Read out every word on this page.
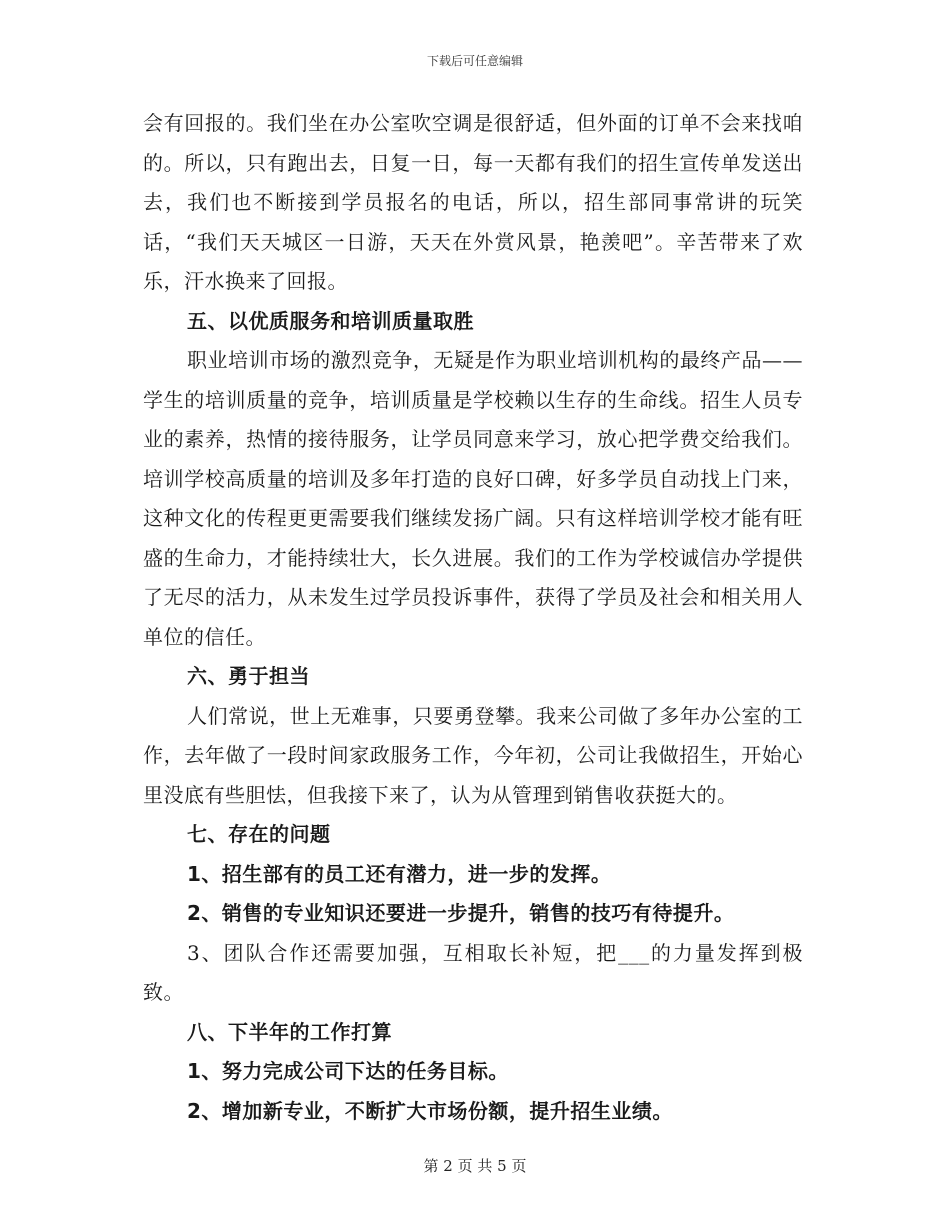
下载后可任意编辑

会有回报的。我们坐在办公室吹空调是很舒适，但外面的订单不会来找咱的。所以，只有跑出去，日复一日，每一天都有我们的招生宣传单发送出去，我们也不断接到学员报名的电话，所以，招生部同事常讲的玩笑话，“我们天天城区一日游，天天在外赏风景，艳羡吧”。辛苦带来了欢乐，汗水换来了回报。

五、以优质服务和培训质量取胜

职业培训市场的激烈竞争，无疑是作为职业培训机构的最终产品——学生的培训质量的竞争，培训质量是学校赖以生存的生命线。招生人员专业的素养，热情的接待服务，让学员同意来学习，放心把学费交给我们。培训学校高质量的培训及多年打造的良好口碑，好多学员自动找上门来，这种文化的传程更更需要我们继续发扬广阔。只有这样培训学校才能有旺盛的生命力，才能持续壮大，长久进展。我们的工作为学校诚信办学提供了无尽的活力，从未发生过学员投诉事件，获得了学员及社会和相关用人单位的信任。

六、勇于担当

人们常说，世上无难事，只要勇登攀。我来公司做了多年办公室的工作，去年做了一段时间家政服务工作，今年初，公司让我做招生，开始心里没底有些胆怯，但我接下来了，认为从管理到销售收获挺大的。

七、存在的问题

1、招生部有的员工还有潜力，进一步的发挥。

2、销售的专业知识还要进一步提升，销售的技巧有待提升。

3、团队合作还需要加强，互相取长补短，把___的力量发挥到极致。

八、下半年的工作打算

1、努力完成公司下达的任务目标。

2、增加新专业，不断扩大市场份额，提升招生业绩。

第 2 页 共 5 页
